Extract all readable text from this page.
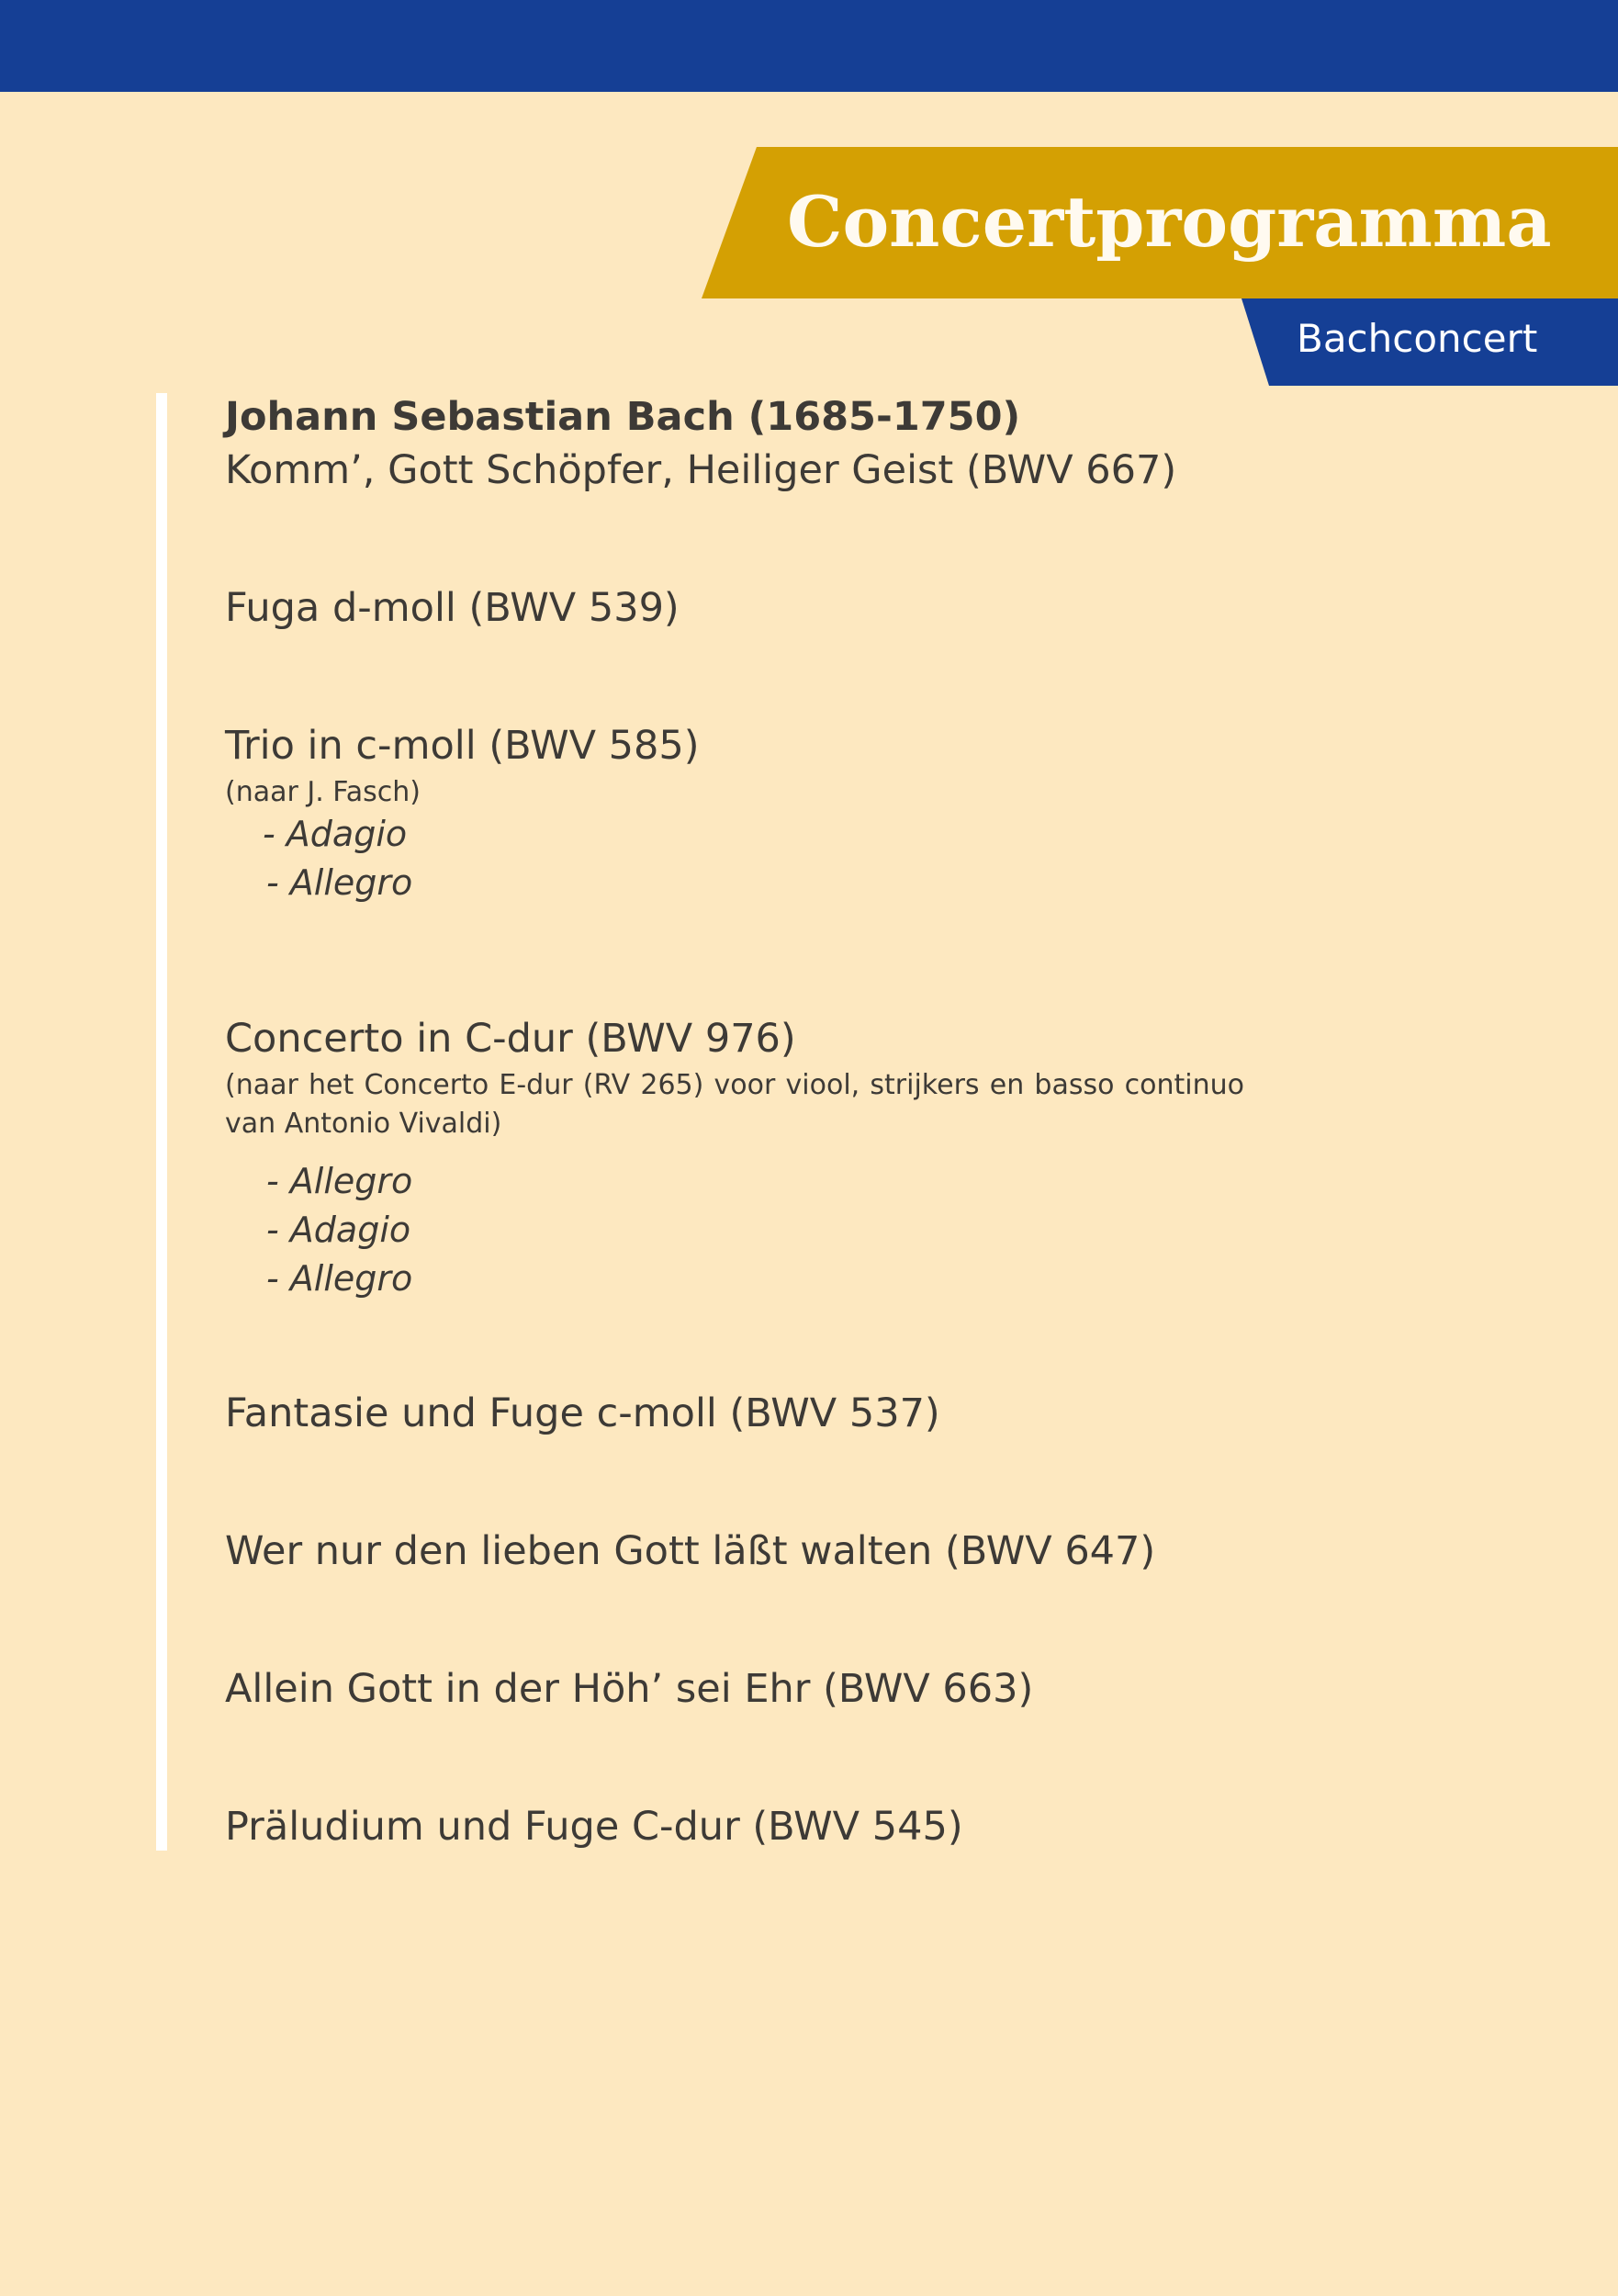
Concertprogramma
Bachconcert
Johann Sebastian Bach (1685-1750)
Komm’, Gott Schöpfer, Heiliger Geist (BWV 667)
Fuga d-moll (BWV 539)
Trio in c-moll (BWV 585)
(naar J. Fasch)
- Adagio
- Allegro
Concerto in C-dur (BWV 976)
(naar het Concerto E-dur (RV 265) voor viool, strijkers en basso continuo van Antonio Vivaldi)
- Allegro
- Adagio
- Allegro
Fantasie und Fuge c-moll (BWV 537)
Wer nur den lieben Gott läßt walten (BWV 647)
Allein Gott in der Höh’ sei Ehr (BWV 663)
Präludium und Fuge C-dur (BWV 545)
